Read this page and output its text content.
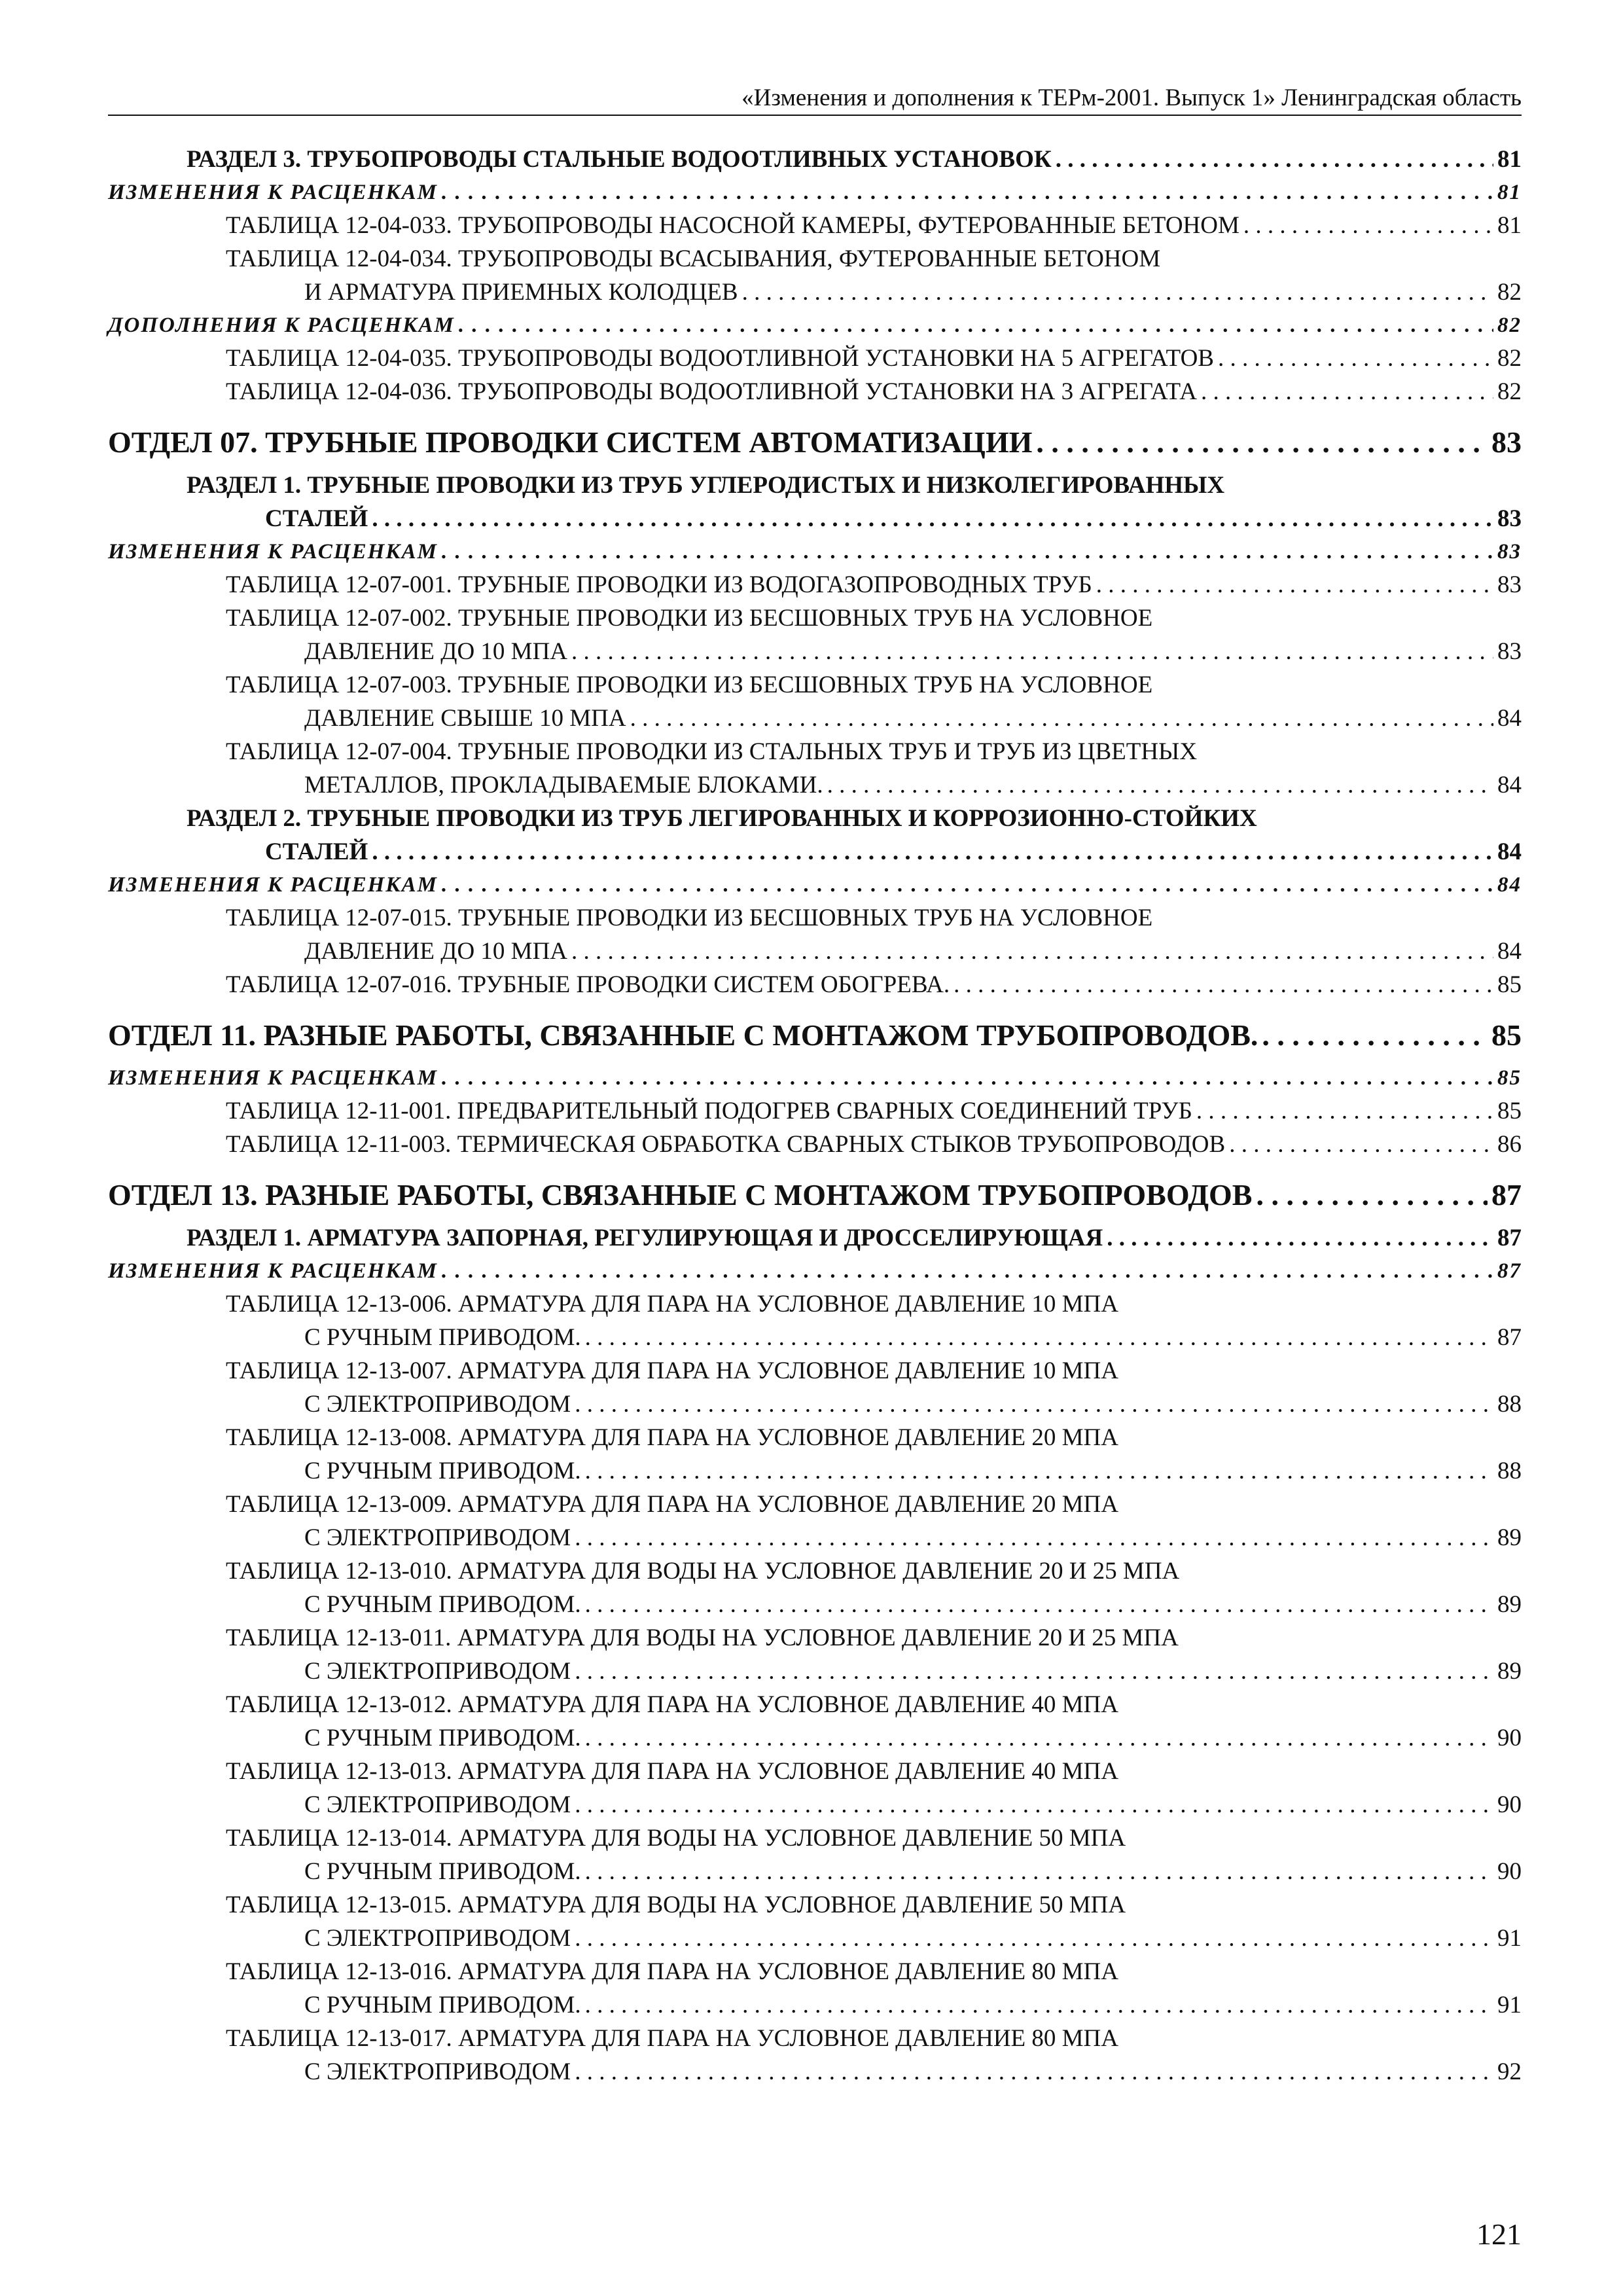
«Изменения и дополнения к ТЕРм-2001. Выпуск 1» Ленинградская область
РАЗДЕЛ 3. ТРУБОПРОВОДЫ СТАЛЬНЫЕ ВОДООТЛИВНЫХ УСТАНОВОК . . .	81
ИЗМЕНЕНИЯ К РАСЦЕНКАМ . . .	81
ТАБЛИЦА 12-04-033. ТРУБОПРОВОДЫ НАСОСНОЙ КАМЕРЫ, ФУТЕРОВАННЫЕ БЕТОНОМ . . .	81
ТАБЛИЦА 12-04-034. ТРУБОПРОВОДЫ ВСАСЫВАНИЯ, ФУТЕРОВАННЫЕ БЕТОНОМ
И АРМАТУРА ПРИЕМНЫХ КОЛОДЦЕВ . . .	82
ДОПОЛНЕНИЯ К РАСЦЕНКАМ . . .	82
ТАБЛИЦА 12-04-035. ТРУБОПРОВОДЫ ВОДООТЛИВНОЙ УСТАНОВКИ НА 5 АГРЕГАТОВ . . .	82
ТАБЛИЦА 12-04-036. ТРУБОПРОВОДЫ ВОДООТЛИВНОЙ УСТАНОВКИ НА 3 АГРЕГАТА . . .	82
ОТДЕЛ 07. ТРУБНЫЕ ПРОВОДКИ СИСТЕМ АВТОМАТИЗАЦИИ . . .	83
РАЗДЕЛ 1. ТРУБНЫЕ ПРОВОДКИ ИЗ ТРУБ УГЛЕРОДИСТЫХ И НИЗКОЛЕГИРОВАННЫХ
СТАЛЕЙ . . .	83
ИЗМЕНЕНИЯ К РАСЦЕНКАМ . . .	83
ТАБЛИЦА 12-07-001. ТРУБНЫЕ ПРОВОДКИ ИЗ ВОДОГАЗОПРОВОДНЫХ ТРУБ . . .	83
ТАБЛИЦА 12-07-002. ТРУБНЫЕ ПРОВОДКИ ИЗ БЕСШОВНЫХ ТРУБ НА УСЛОВНОЕ
ДАВЛЕНИЕ ДО 10 МПА . . .	83
ТАБЛИЦА 12-07-003. ТРУБНЫЕ ПРОВОДКИ ИЗ БЕСШОВНЫХ ТРУБ НА УСЛОВНОЕ
ДАВЛЕНИЕ СВЫШЕ 10 МПА . . .	84
ТАБЛИЦА 12-07-004. ТРУБНЫЕ ПРОВОДКИ ИЗ СТАЛЬНЫХ ТРУБ И ТРУБ ИЗ ЦВЕТНЫХ
МЕТАЛЛОВ, ПРОКЛАДЫВАЕМЫЕ БЛОКАМИ. . . .	84
РАЗДЕЛ 2. ТРУБНЫЕ ПРОВОДКИ ИЗ ТРУБ ЛЕГИРОВАННЫХ И КОРРОЗИОННО-СТОЙКИХ
СТАЛЕЙ . . .	84
ИЗМЕНЕНИЯ К РАСЦЕНКАМ . . .	84
ТАБЛИЦА 12-07-015. ТРУБНЫЕ ПРОВОДКИ ИЗ БЕСШОВНЫХ ТРУБ НА УСЛОВНОЕ
ДАВЛЕНИЕ ДО 10 МПА . . .	84
ТАБЛИЦА 12-07-016. ТРУБНЫЕ ПРОВОДКИ СИСТЕМ ОБОГРЕВА. . . .	85
ОТДЕЛ 11. РАЗНЫЕ РАБОТЫ, СВЯЗАННЫЕ С МОНТАЖОМ ТРУБОПРОВОДОВ. . . .	85
ИЗМЕНЕНИЯ К РАСЦЕНКАМ . . .	85
ТАБЛИЦА 12-11-001. ПРЕДВАРИТЕЛЬНЫЙ ПОДОГРЕВ СВАРНЫХ СОЕДИНЕНИЙ ТРУБ . . .	85
ТАБЛИЦА 12-11-003. ТЕРМИЧЕСКАЯ ОБРАБОТКА СВАРНЫХ СТЫКОВ ТРУБОПРОВОДОВ . . .	86
ОТДЕЛ 13. РАЗНЫЕ РАБОТЫ, СВЯЗАННЫЕ С МОНТАЖОМ ТРУБОПРОВОДОВ . . .	87
РАЗДЕЛ 1. АРМАТУРА ЗАПОРНАЯ, РЕГУЛИРУЮЩАЯ И ДРОССЕЛИРУЮЩАЯ . . .	87
ИЗМЕНЕНИЯ К РАСЦЕНКАМ . . .	87
ТАБЛИЦА 12-13-006. АРМАТУРА ДЛЯ ПАРА НА УСЛОВНОЕ ДАВЛЕНИЕ 10 МПА
С РУЧНЫМ ПРИВОДОМ. . . .	87
ТАБЛИЦА 12-13-007. АРМАТУРА ДЛЯ ПАРА НА УСЛОВНОЕ ДАВЛЕНИЕ 10 МПА
С ЭЛЕКТРОПРИВОДОМ . . .	88
ТАБЛИЦА 12-13-008. АРМАТУРА ДЛЯ ПАРА НА УСЛОВНОЕ ДАВЛЕНИЕ 20 МПА
С РУЧНЫМ ПРИВОДОМ. . . .	88
ТАБЛИЦА 12-13-009. АРМАТУРА ДЛЯ ПАРА НА УСЛОВНОЕ ДАВЛЕНИЕ 20 МПА
С ЭЛЕКТРОПРИВОДОМ . . .	89
ТАБЛИЦА 12-13-010. АРМАТУРА ДЛЯ ВОДЫ НА УСЛОВНОЕ ДАВЛЕНИЕ 20 И 25 МПА
С РУЧНЫМ ПРИВОДОМ. . . .	89
ТАБЛИЦА 12-13-011. АРМАТУРА ДЛЯ ВОДЫ НА УСЛОВНОЕ ДАВЛЕНИЕ 20 И 25 МПА
С ЭЛЕКТРОПРИВОДОМ . . .	89
ТАБЛИЦА 12-13-012. АРМАТУРА ДЛЯ ПАРА НА УСЛОВНОЕ ДАВЛЕНИЕ 40 МПА
С РУЧНЫМ ПРИВОДОМ. . . .	90
ТАБЛИЦА 12-13-013. АРМАТУРА ДЛЯ ПАРА НА УСЛОВНОЕ ДАВЛЕНИЕ 40 МПА
С ЭЛЕКТРОПРИВОДОМ . . .	90
ТАБЛИЦА 12-13-014. АРМАТУРА ДЛЯ ВОДЫ НА УСЛОВНОЕ ДАВЛЕНИЕ 50 МПА
С РУЧНЫМ ПРИВОДОМ. . . .	90
ТАБЛИЦА 12-13-015. АРМАТУРА ДЛЯ ВОДЫ НА УСЛОВНОЕ ДАВЛЕНИЕ 50 МПА
С ЭЛЕКТРОПРИВОДОМ . . .	91
ТАБЛИЦА 12-13-016. АРМАТУРА ДЛЯ ПАРА НА УСЛОВНОЕ ДАВЛЕНИЕ 80 МПА
С РУЧНЫМ ПРИВОДОМ. . . .	91
ТАБЛИЦА 12-13-017. АРМАТУРА ДЛЯ ПАРА НА УСЛОВНОЕ ДАВЛЕНИЕ 80 МПА
С ЭЛЕКТРОПРИВОДОМ . . .	92
121
